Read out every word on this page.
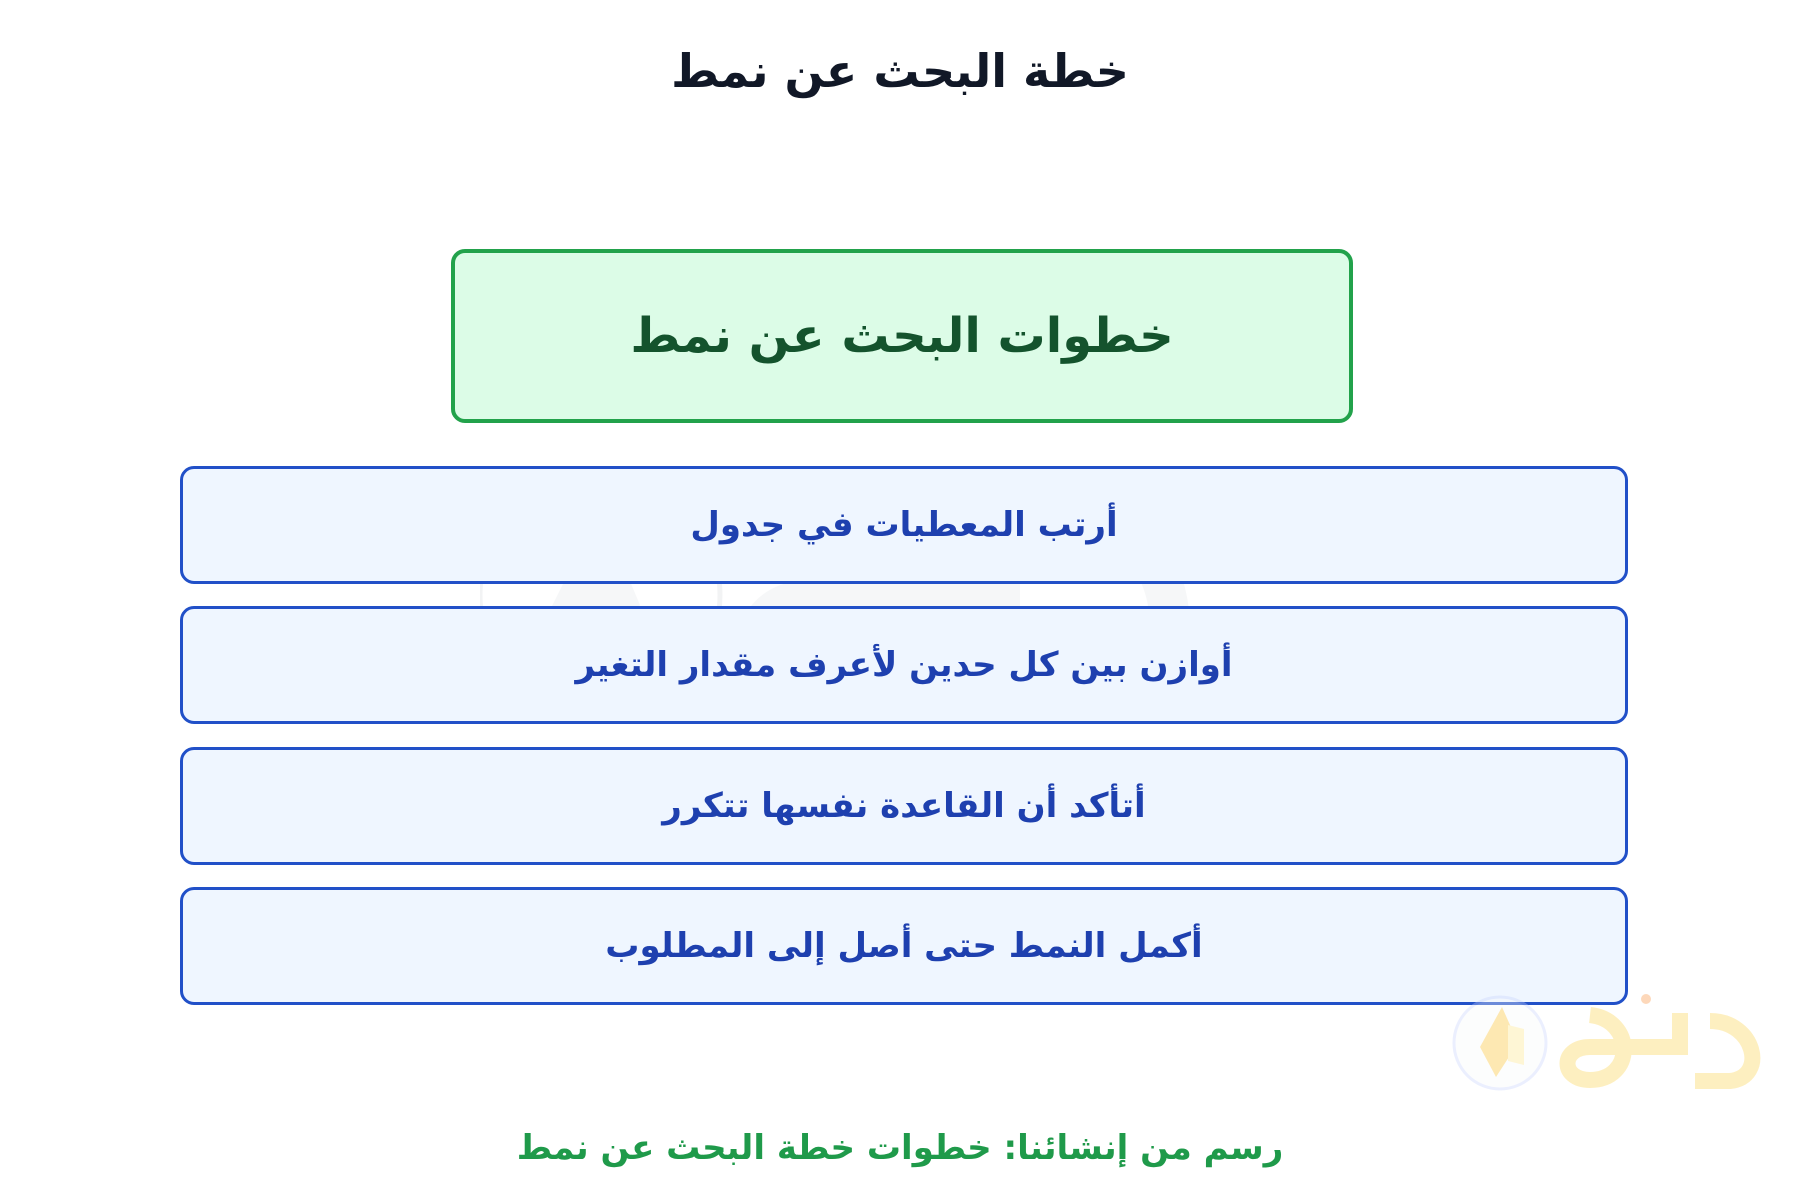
خطة البحث عن نمط
خطوات البحث عن نمط
أرتب المعطيات في جدول
أوازن بين كل حدين لأعرف مقدار التغير
أتأكد أن القاعدة نفسها تتكرر
أكمل النمط حتى أصل إلى المطلوب
رسم من إنشائنا: خطوات خطة البحث عن نمط
